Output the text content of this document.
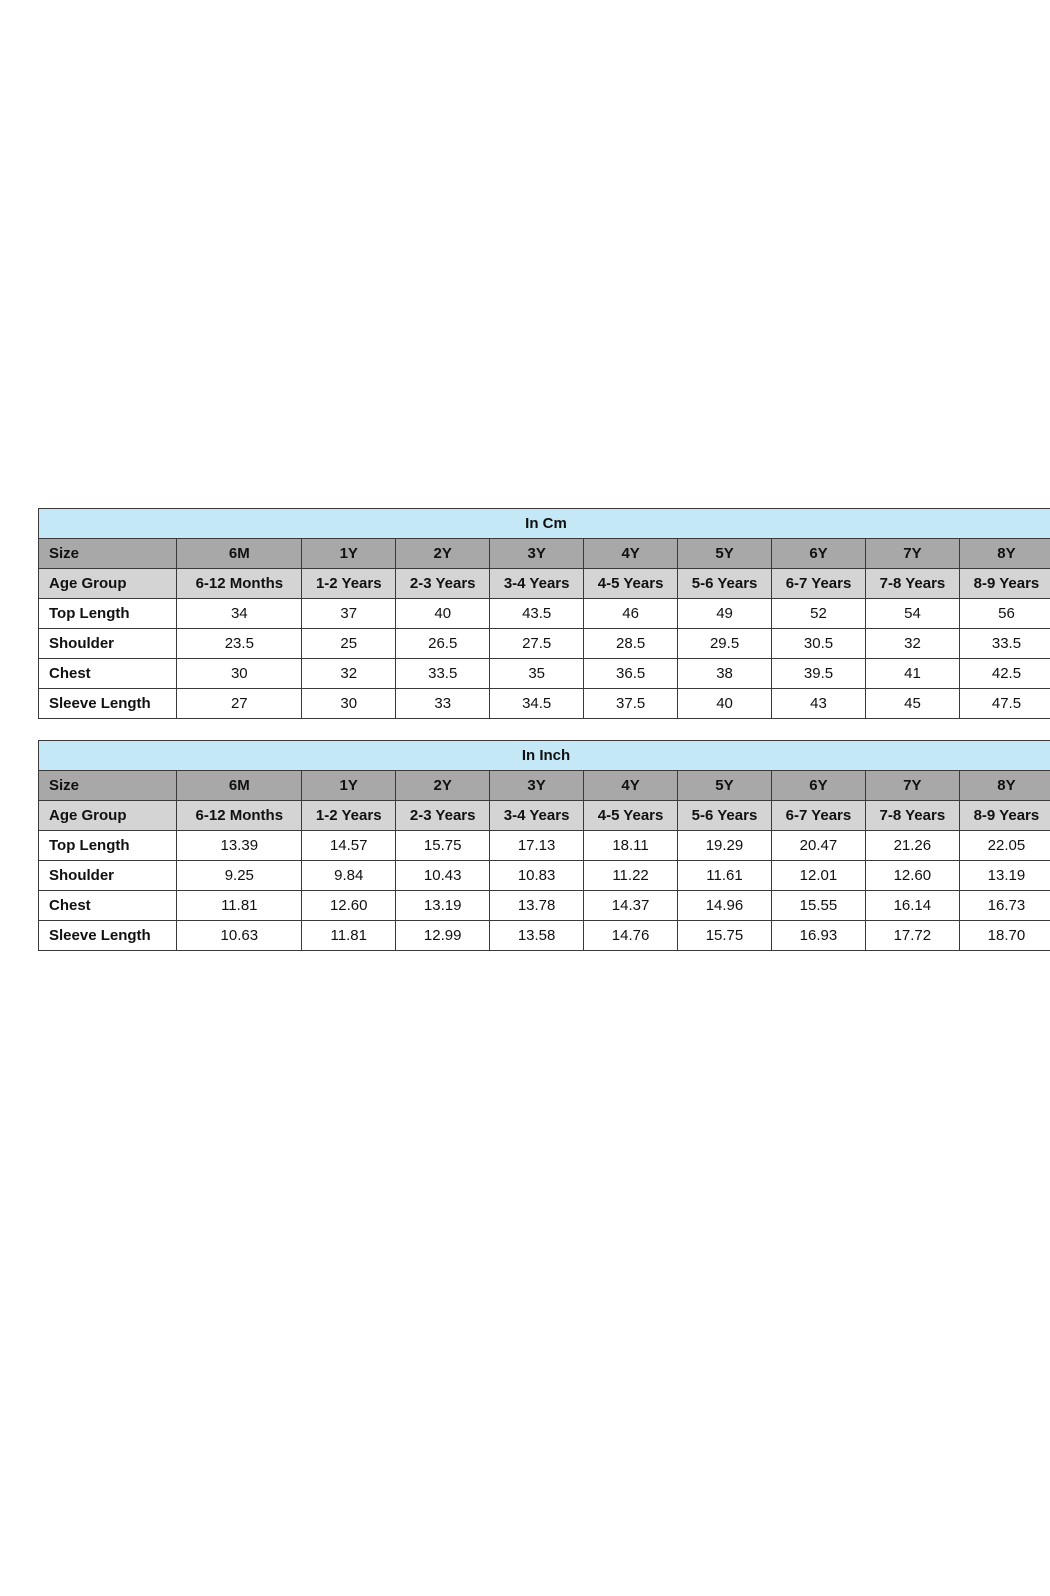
In Cm									
Size	6M	1Y	2Y	3Y	4Y	5Y	6Y	7Y	8Y
Age Group	6-12 Months	1-2 Years	2-3 Years	3-4 Years	4-5 Years	5-6 Years	6-7 Years	7-8 Years	8-9 Years
Top Length	34	37	40	43.5	46	49	52	54	56
Shoulder	23.5	25	26.5	27.5	28.5	29.5	30.5	32	33.5
Chest	30	32	33.5	35	36.5	38	39.5	41	42.5
Sleeve Length	27	30	33	34.5	37.5	40	43	45	47.5
In Inch									
Size	6M	1Y	2Y	3Y	4Y	5Y	6Y	7Y	8Y
Age Group	6-12 Months	1-2 Years	2-3 Years	3-4 Years	4-5 Years	5-6 Years	6-7 Years	7-8 Years	8-9 Years
Top Length	13.39	14.57	15.75	17.13	18.11	19.29	20.47	21.26	22.05
Shoulder	9.25	9.84	10.43	10.83	11.22	11.61	12.01	12.60	13.19
Chest	11.81	12.60	13.19	13.78	14.37	14.96	15.55	16.14	16.73
Sleeve Length	10.63	11.81	12.99	13.58	14.76	15.75	16.93	17.72	18.70
